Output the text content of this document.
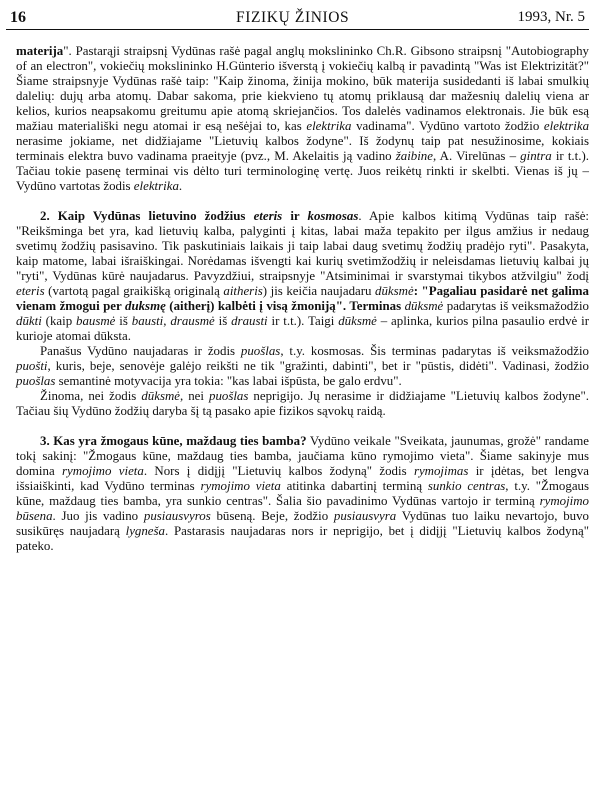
16	FIZIKŲ ŽINIOS	1993, Nr. 5

materija". Pastarąji straipsnį Vydūnas rašė pagal anglų mokslininko Ch.R. Gibsono straipsnį "Autobiography of an electron", vokiečių mokslininko H.Günterio išverstą į vokiečių kalbą ir pavadintą "Was ist Elektrizität?" Šiame straipsnyje Vydūnas rašė taip: "Kaip žinoma, žinija mokino, būk materija susidedanti iš labai smulkių dalelių: dujų arba atomų. Dabar sakoma, prie kiekvieno tų atomų priklausą dar mažesnių dalelių viena ar kelios, kurios neapsakomu greitumu apie atomą skriejančios. Tos dalelės vadinamos elektronais. Jie būk esą mažiau materiališki negu atomai ir esą nešėjai to, kas elektrika vadinama". Vydūno vartoto žodžio elektrika nerasime jokiame, net didžiajame "Lietuvių kalbos žodyne". Iš žodynų taip pat nesužinosime, kokiais terminais elektra buvo vadinama praeityje (pvz., M. Akelaitis ją vadino žaibine, A. Virelūnas – gintra ir t.t.). Tačiau tokie pasenę terminai vis dėlto turi terminologinę vertę. Juos reikėtų rinkti ir skelbti. Vienas iš jų – Vydūno vartotas žodis elektrika.

2. Kaip Vydūnas lietuvino žodžius eteris ir kosmosas. Apie kalbos kitimą Vydūnas taip rašė: "Reikšminga bet yra, kad lietuvių kalba, palyginti į kitas, labai maža tepakito per ilgus amžius ir nedaug svetimų žodžių pasisavino. Tik paskutiniais laikais ji taip labai daug svetimų žodžių pradėjo ryti". Pasakyta, kaip matome, labai išraiškingai. Norėdamas išvengti kai kurių svetimžodžių ir neleisdamas lietuvių kalbai jų "ryti", Vydūnas kūrė naujadarus. Pavyzdžiui, straipsnyje "Atsiminimai ir svarstymai tikybos atžvilgiu" žodį eteris (vartotą pagal graikišką originalą aitheris) jis keičia naujadaru dūksmė: "Pagaliau pasidarė net galima vienam žmogui per duksmę (aitherį) kalbėti į visą žmoniją". Terminas dūksmė padarytas iš veiksmažodžio dūkti (kaip bausmė iš bausti, drausmė iš drausti ir t.t.). Taigi dūksmė – aplinka, kurios pilna pasaulio erdvė ir kurioje atomai dūksta.

Panašus Vydūno naujadaras ir žodis puošlas, t.y. kosmosas. Šis terminas padarytas iš veiksmažodžio puošti, kuris, beje, senovėje galėjo reikšti ne tik "gražinti, dabinti", bet ir "pūstis, didėti". Vadinasi, žodžio puošlas semantinė motyvacija yra tokia: "kas labai išpūsta, be galo erdvu".

Žinoma, nei žodis dūksmė, nei puošlas neprigijo. Jų nerasime ir didžiajame "Lietuvių kalbos žodyne". Tačiau šių Vydūno žodžių daryba šį tą pasako apie fizikos sąvokų raidą.

3. Kas yra žmogaus kūne, maždaug ties bamba? Vydūno veikale "Sveikata, jaunumas, grožė" randame tokį sakinį: "Žmogaus kūne, maždaug ties bamba, jaučiama kūno rymojimo vieta". Šiame sakinyje mus domina rymojimo vieta. Nors į didįjį "Lietuvių kalbos žodyną" žodis rymojimas ir įdėtas, bet lengva išsiaiškinti, kad Vydūno terminas rymojimo vieta atitinka dabartinį terminą sunkio centras, t.y. "Žmogaus kūne, maždaug ties bamba, yra sunkio centras". Šalia šio pavadinimo Vydūnas vartojo ir terminą rymojimo būsena. Juo jis vadino pusiausvyros būseną. Beje, žodžio pusiausvyra Vydūnas tuo laiku nevartojo, buvo susikūręs naujadarą lygneša. Pastarasis naujadaras nors ir neprigijo, bet į didįjį "Lietuvių kalbos žodyną" pateko.
